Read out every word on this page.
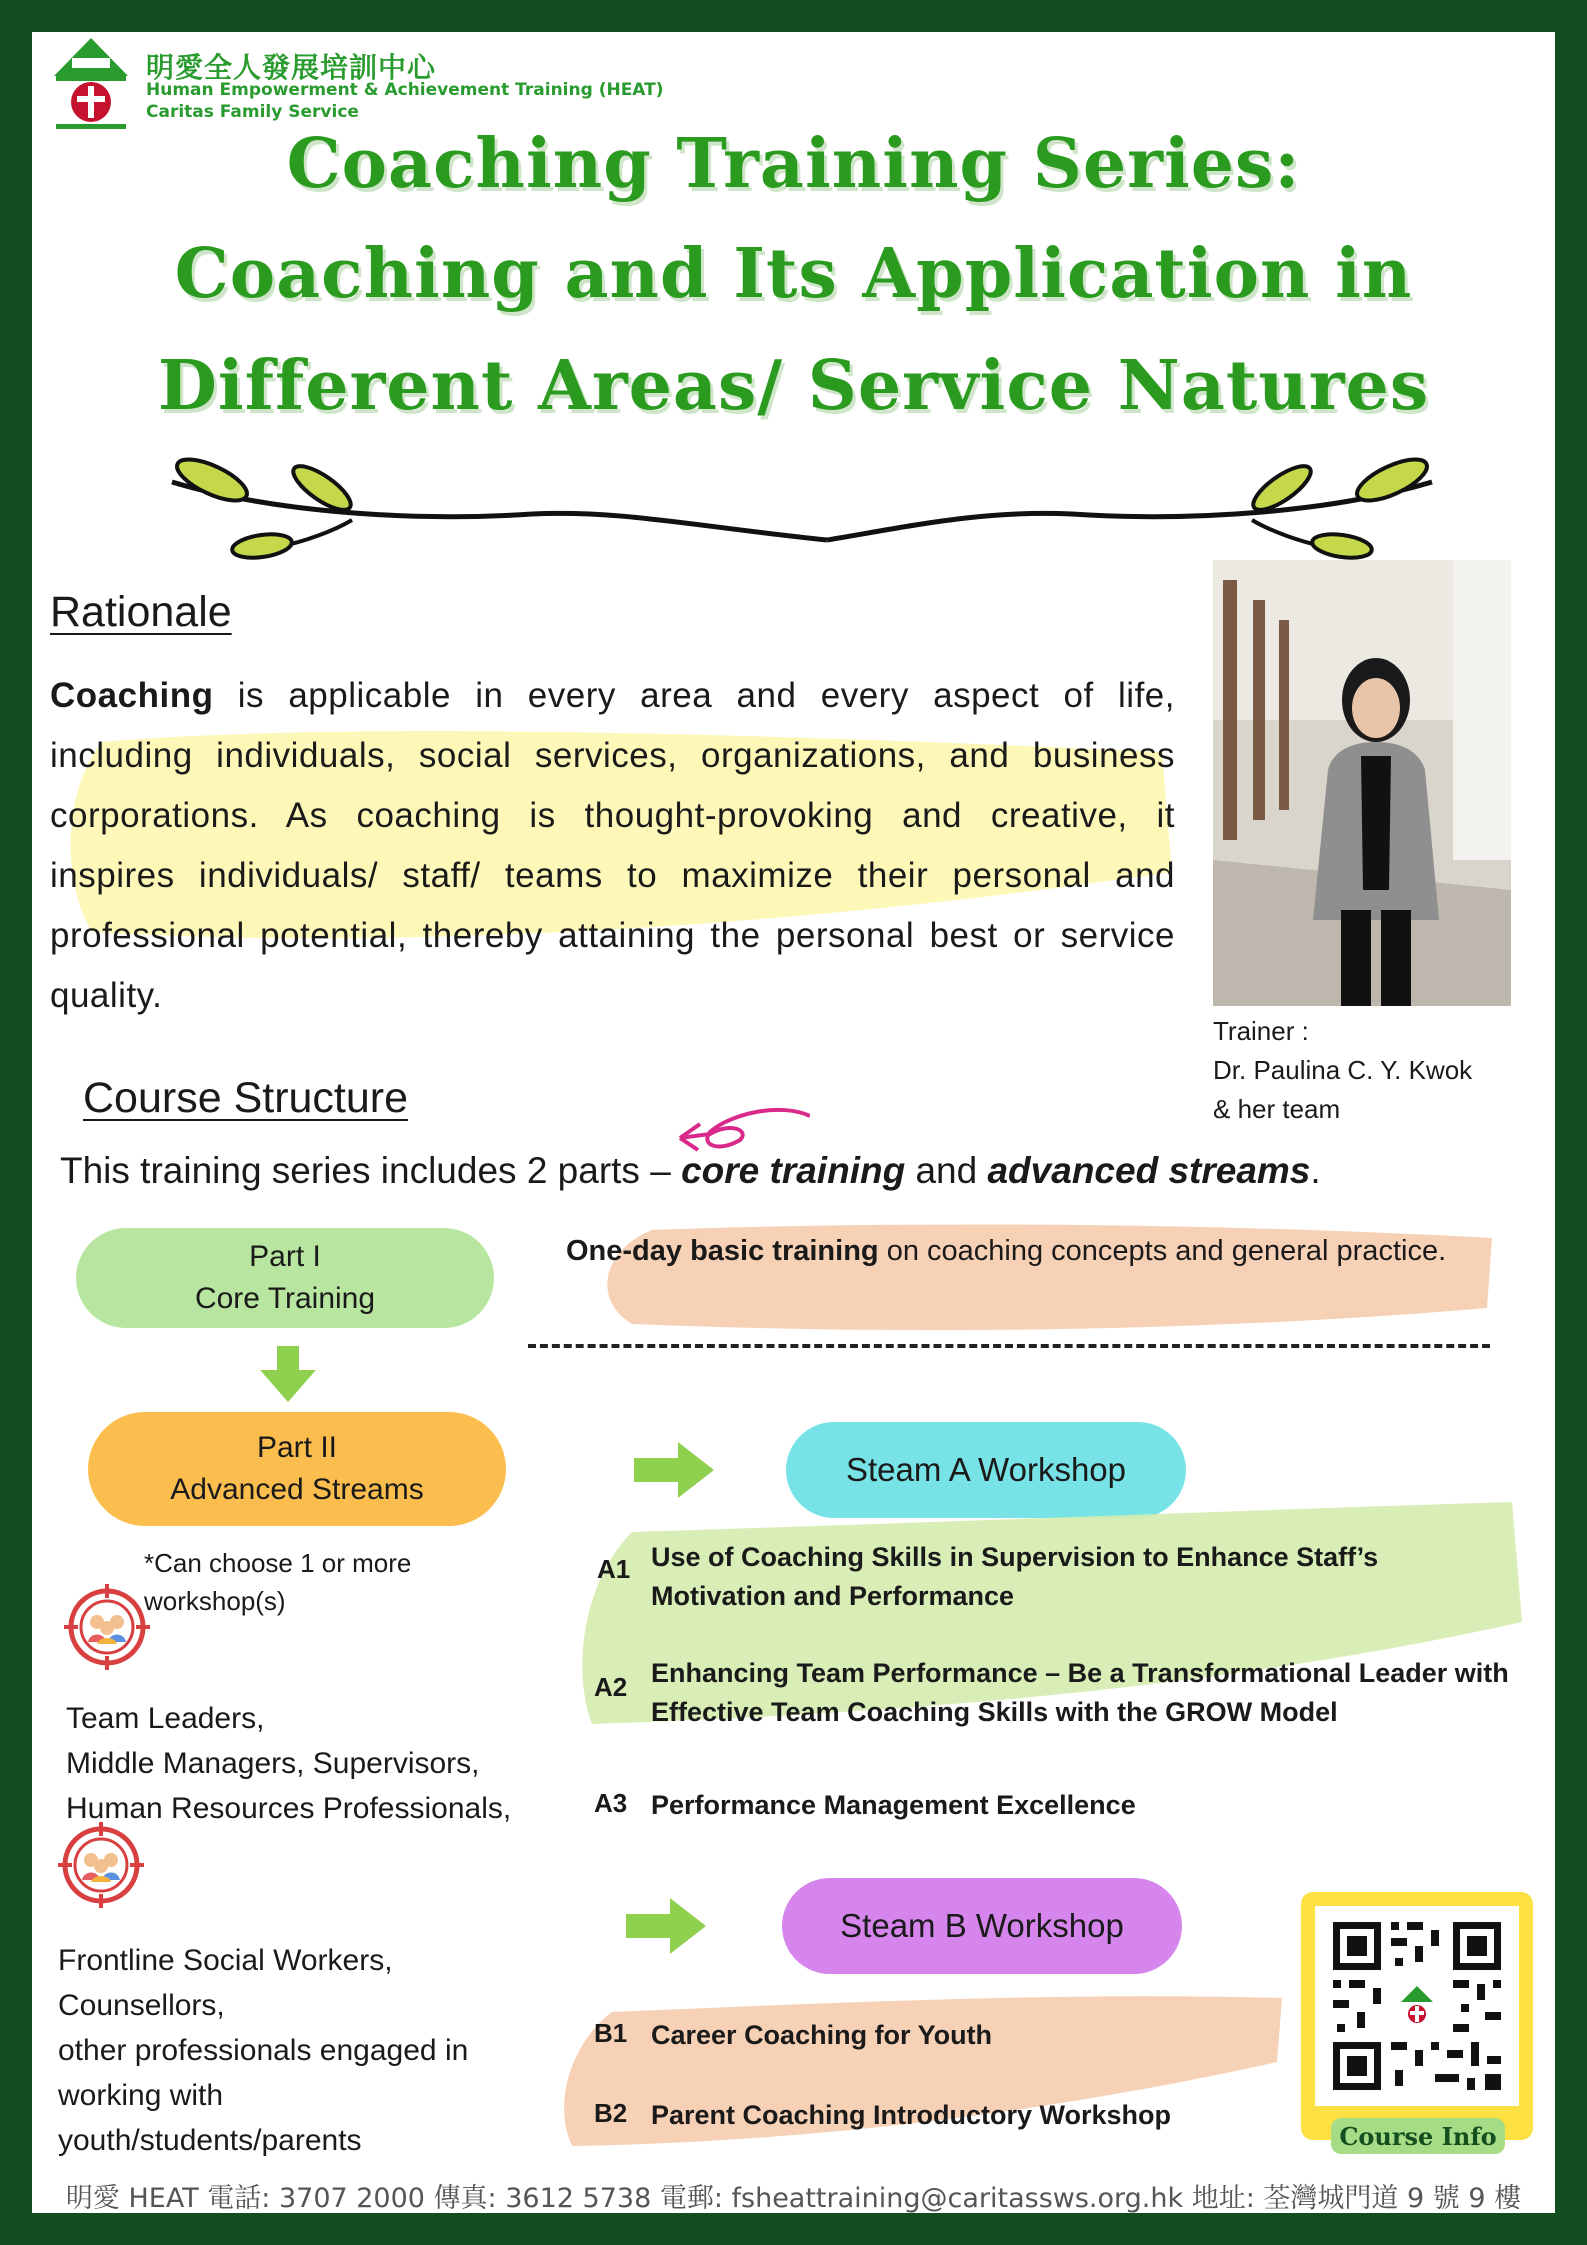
明愛全人發展培訓中心
Human Empowerment & Achievement Training (HEAT)
Caritas Family Service
Coaching Training Series:
Coaching and Its Application in
Different Areas/ Service Natures
Rationale
Coaching is applicable in every area and every aspect of life, including individuals, social services, organizations, and business corporations. As coaching is thought-provoking and creative, it inspires individuals/ staff/ teams to maximize their personal and professional potential, thereby attaining the personal best or service quality.
Trainer :
Dr. Paulina C. Y. Kwok
& her team
Course Structure
This training series includes 2 parts – core training and advanced streams.
Part I
Core Training
Part II
Advanced Streams
*Can choose 1 or more workshop(s)
One-day basic training on coaching concepts and general practice.
Steam A Workshop
A1 Use of Coaching Skills in Supervision to Enhance Staff’s Motivation and Performance
A2 Enhancing Team Performance – Be a Transformational Leader with Effective Team Coaching Skills with the GROW Model
A3 Performance Management Excellence
Steam B Workshop
B1 Career Coaching for Youth
B2 Parent Coaching Introductory Workshop
Team Leaders,
Middle Managers, Supervisors,
Human Resources Professionals,
Frontline Social Workers,
Counsellors,
other professionals engaged in working with
youth/students/parents	Course Info
明愛 HEAT 電話: 3707 2000 傳真: 3612 5738 電郵: fsheattraining@caritassws.org.hk 地址: 荃灣城門道 9 號 9 樓
